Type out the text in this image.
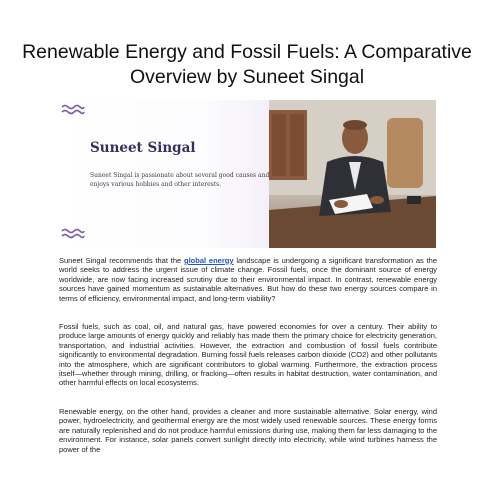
Renewable Energy and Fossil Fuels: A Comparative Overview by Suneet Singal
Suneet Singal
Suneet Singal is passionate about several good causes and enjoys various hobbies and other interests.

Suneet Singal recommends that the global energy landscape is undergoing a significant transformation as the world seeks to address the urgent issue of climate change. Fossil fuels, once the dominant source of energy worldwide, are now facing increased scrutiny due to their environmental impact. In contrast, renewable energy sources have gained momentum as sustainable alternatives. But how do these two energy sources compare in terms of efficiency, environmental impact, and long-term viability?

Fossil fuels, such as coal, oil, and natural gas, have powered economies for over a century. Their ability to produce large amounts of energy quickly and reliably has made them the primary choice for electricity generation, transportation, and industrial activities. However, the extraction and combustion of fossil fuels contribute significantly to environmental degradation. Burning fossil fuels releases carbon dioxide (CO2) and other pollutants into the atmosphere, which are significant contributors to global warming. Furthermore, the extraction process itself—whether through mining, drilling, or fracking—often results in habitat destruction, water contamination, and other harmful effects on local ecosystems.

Renewable energy, on the other hand, provides a cleaner and more sustainable alternative. Solar energy, wind power, hydroelectricity, and geothermal energy are the most widely used renewable sources. These energy forms are naturally replenished and do not produce harmful emissions during use, making them far less damaging to the environment. For instance, solar panels convert sunlight directly into electricity, while wind turbines harness the power of the
